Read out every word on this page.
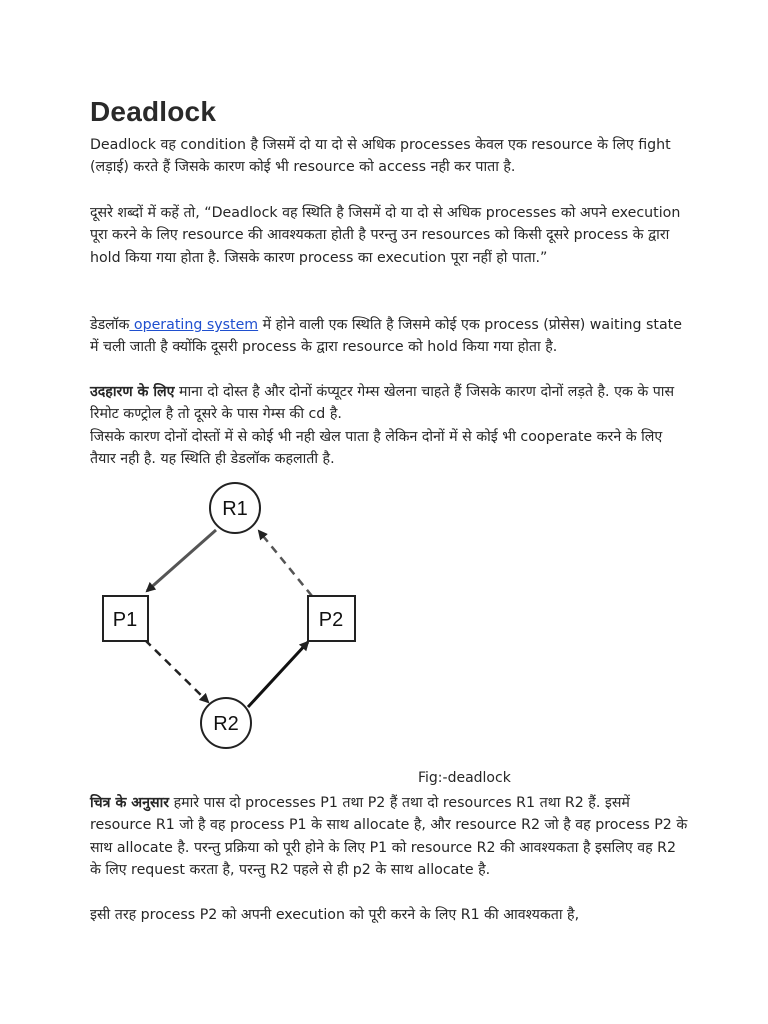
Deadlock

Deadlock वह condition है जिसमें दो या दो से अधिक processes केवल एक resource के लिए fight (लड़ाई) करते हैं जिसके कारण कोई भी resource को access नही कर पाता है.

दूसरे शब्दों में कहें तो, “Deadlock वह स्थिति है जिसमें दो या दो से अधिक processes को अपने execution पूरा करने के लिए resource की आवश्यकता होती है परन्तु उन resources को किसी दूसरे process के द्वारा hold किया गया होता है. जिसके कारण process का execution पूरा नहीं हो पाता.”

डेडलॉक operating system में होने वाली एक स्थिति है जिसमे कोई एक process (प्रोसेस) waiting state में चली जाती है क्योंकि दूसरी process के द्वारा resource को hold किया गया होता है.

उदहारण के लिए माना दो दोस्त है और दोनों कंप्यूटर गेम्स खेलना चाहते हैं जिसके कारण दोनों लड़ते है. एक के पास रिमोट कण्ट्रोल है तो दूसरे के पास गेम्स की cd है.

जिसके कारण दोनों दोस्तों में से कोई भी नही खेल पाता है लेकिन दोनों में से कोई भी cooperate करने के लिए तैयार नही है. यह स्थिति ही डेडलॉक कहलाती है.

R1
R2
P1	P2
Fig:-deadlock

चित्र के अनुसार हमारे पास दो processes P1 तथा P2 हैं तथा दो resources R1 तथा R2 हैं. इसमें resource R1 जो है वह process P1 के साथ allocate है, और resource R2 जो है वह process P2 के साथ allocate है. परन्तु प्रक्रिया को पूरी होने के लिए P1 को resource R2 की आवश्यकता है इसलिए वह R2 के लिए request करता है, परन्तु R2 पहले से ही p2 के साथ allocate है.

इसी तरह process P2 को अपनी execution को पूरी करने के लिए R1 की आवश्यकता है,
